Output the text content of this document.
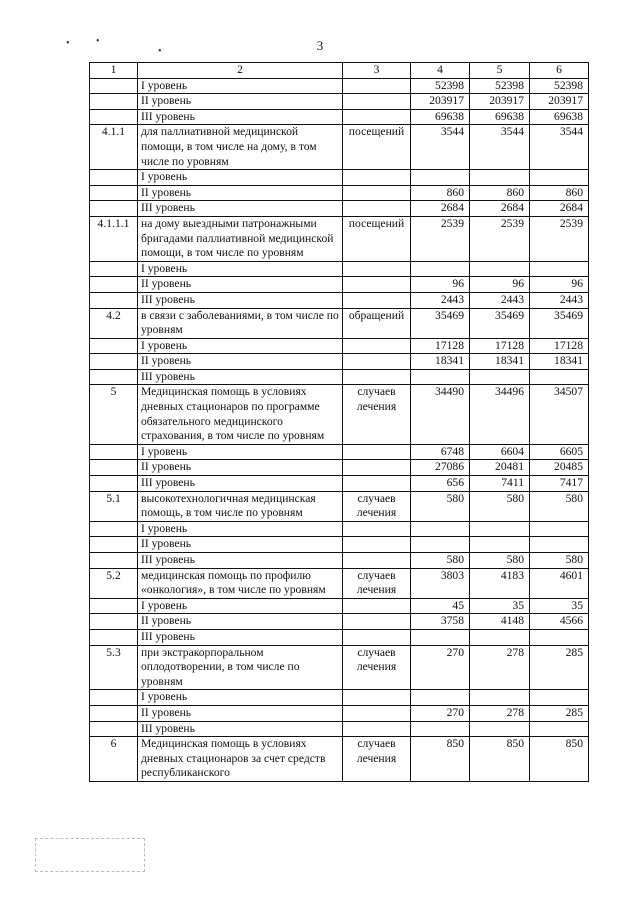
3
•	•
•
1	2	3	4	5	6
	I уровень		52398	52398	52398
	II уровень		203917	203917	203917
	III уровень		69638	69638	69638
4.1.1	для паллиативной медицинской помощи, в том числе на дому, в том числе по уровням	посещений	3544	3544	3544
	I уровень				
	II уровень		860	860	860
	III уровень		2684	2684	2684
4.1.1.1	на дому выездными патронажными бригадами паллиативной медицинской помощи, в том числе по уровням	посещений	2539	2539	2539
	I уровень				
	II уровень		96	96	96
	III уровень		2443	2443	2443
4.2	в связи с заболеваниями, в том числе по уровням	обращений	35469	35469	35469
	I уровень		17128	17128	17128
	II уровень		18341	18341	18341
	III уровень				
5	Медицинская помощь в условиях дневных стационаров по программе обязательного медицинского страхования, в том числе по уровням	случаев лечения	34490	34496	34507
	I уровень		6748	6604	6605
	II уровень		27086	20481	20485
	III уровень		656	7411	7417
5.1	высокотехнологичная медицинская помощь, в том числе по уровням	случаев лечения	580	580	580
	I уровень				
	II уровень				
	III уровень		580	580	580
5.2	медицинская помощь по профилю «онкология», в том числе по уровням	случаев лечения	3803	4183	4601
	I уровень		45	35	35
	II уровень		3758	4148	4566
	III уровень				
5.3	при экстракорпоральном оплодотворении, в том числе по уровням	случаев лечения	270	278	285
	I уровень				
	II уровень		270	278	285
	III уровень				
6	Медицинская помощь в условиях дневных стационаров за счет средств республиканского	случаев лечения	850	850	850
